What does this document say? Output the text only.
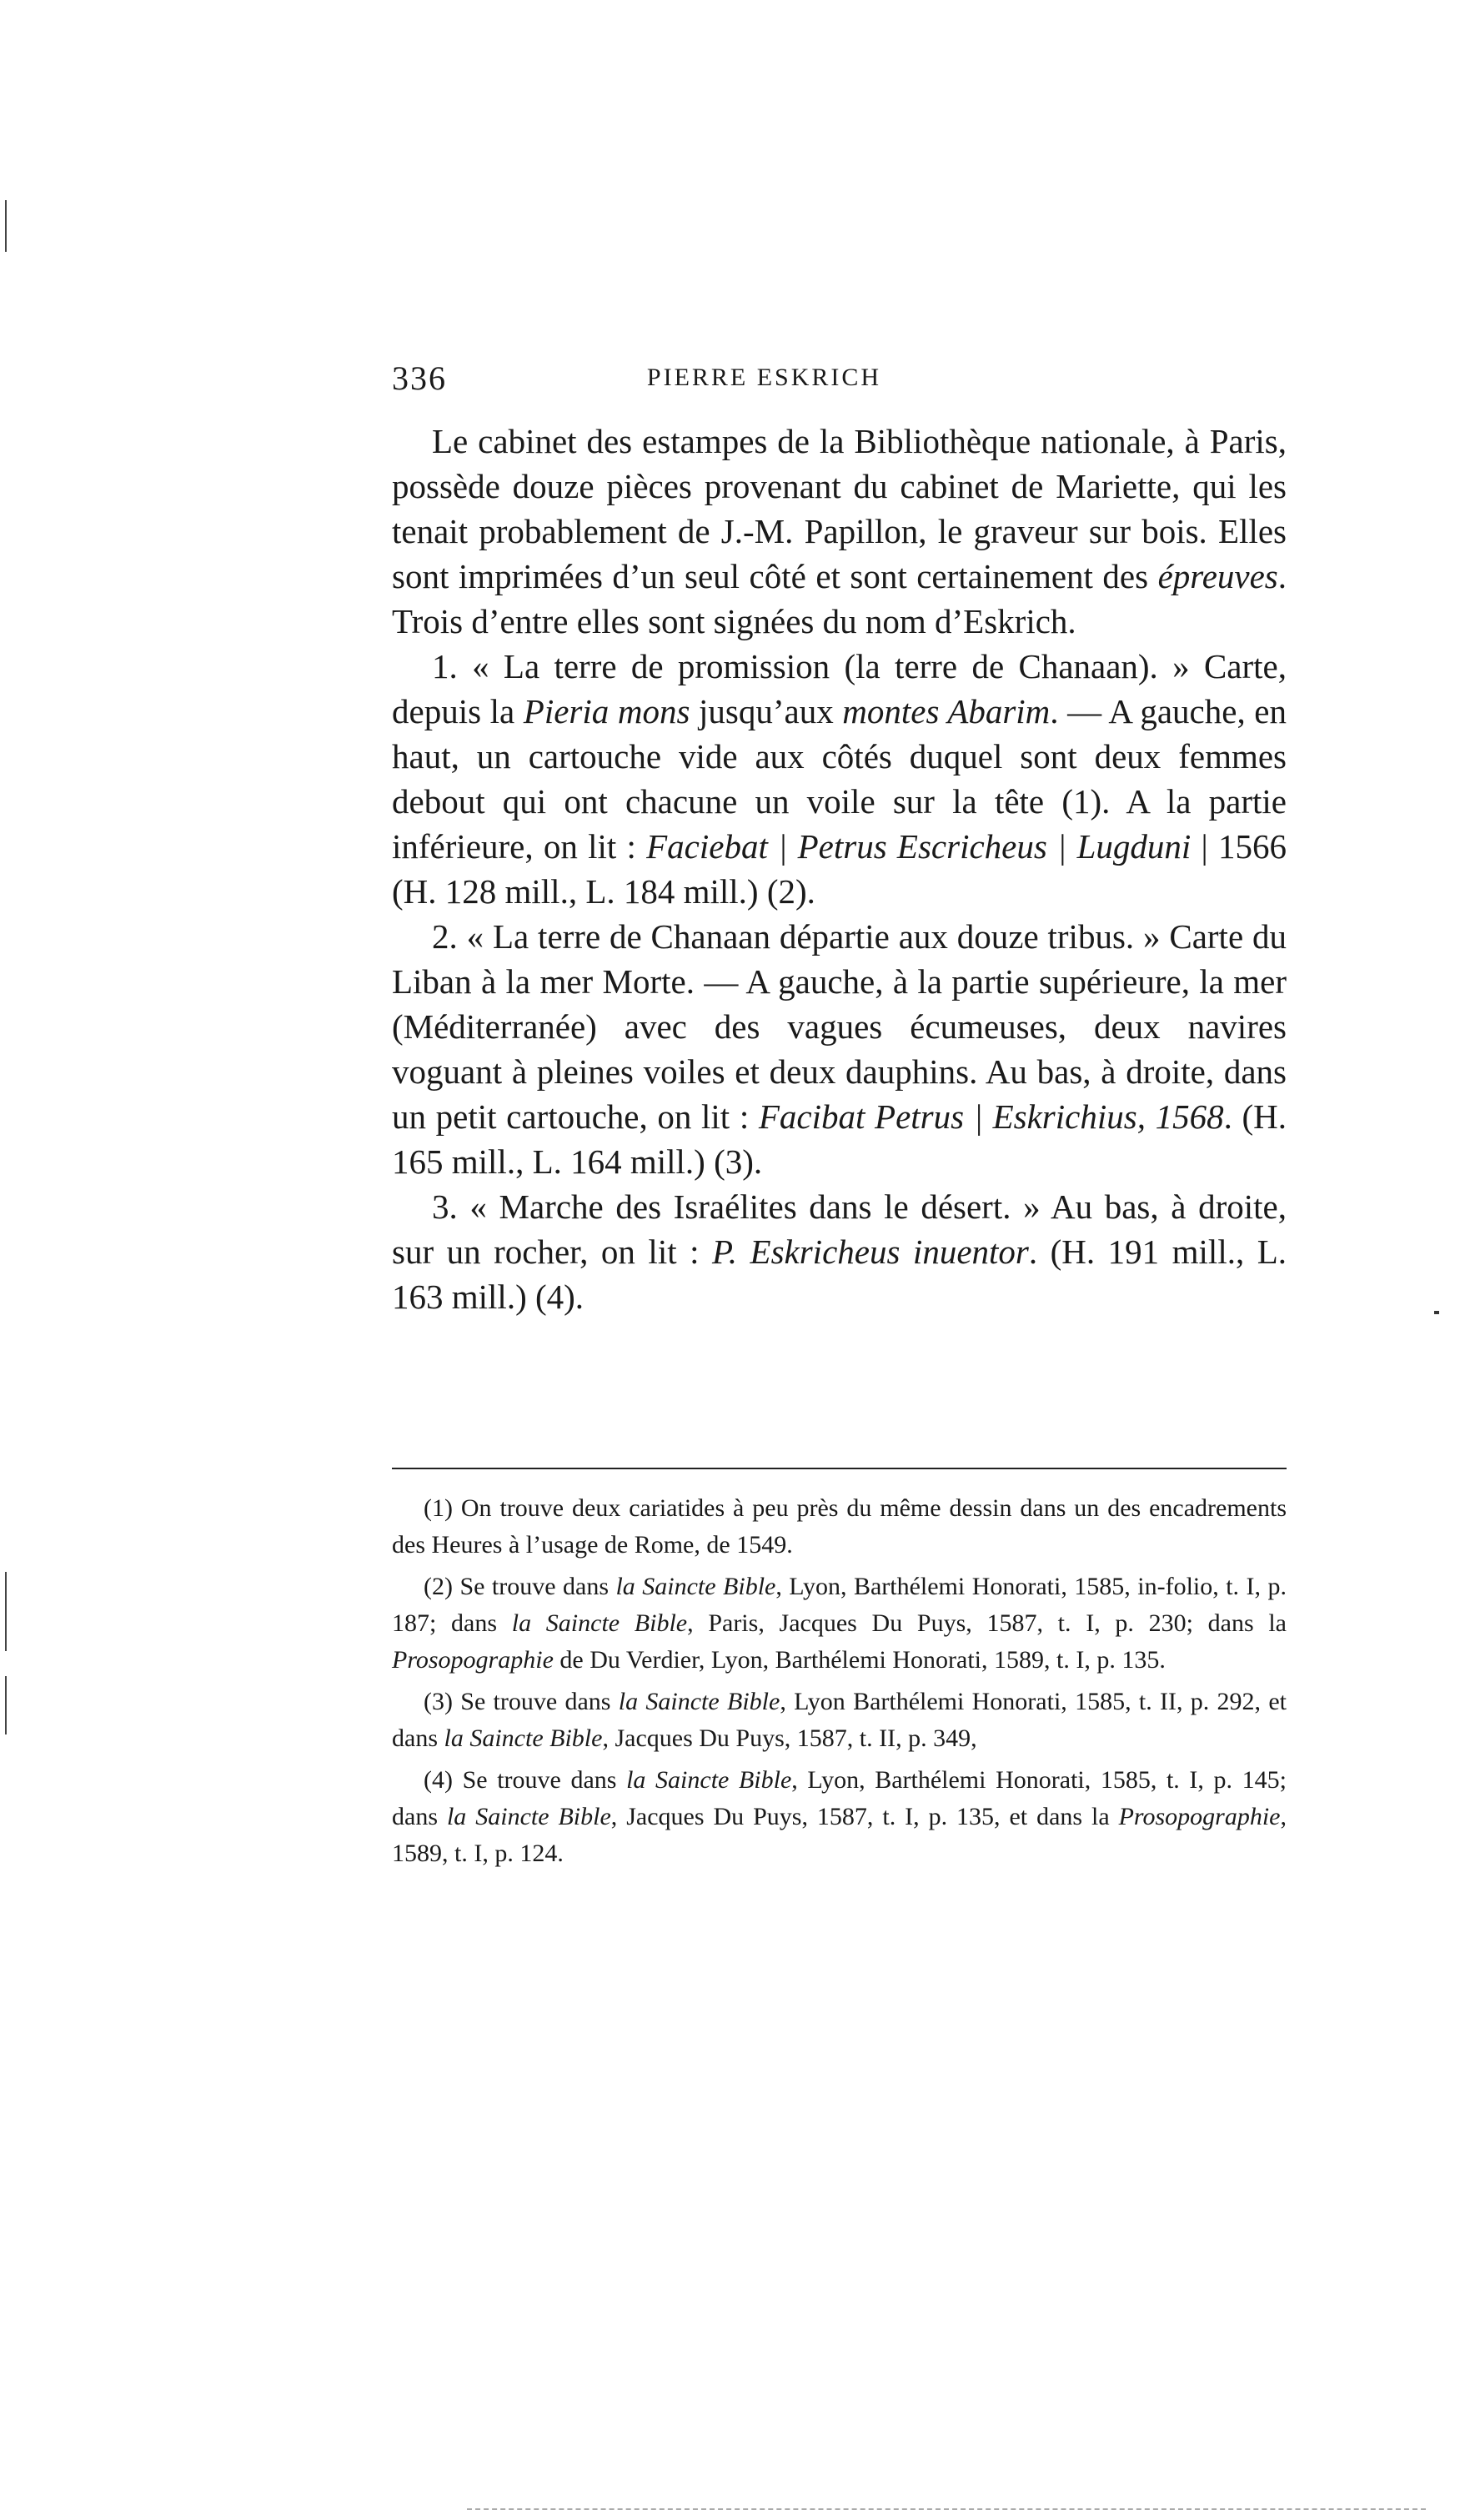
336	PIERRE ESKRICH

Le cabinet des estampes de la Bibliothèque nationale, à Paris, possède douze pièces provenant du cabinet de Mariette, qui les tenait probablement de J.-M. Papillon, le graveur sur bois. Elles sont imprimées d’un seul côté et sont certainement des épreuves. Trois d’entre elles sont signées du nom d’Eskrich.

1. « La terre de promission (la terre de Chanaan). » Carte, depuis la Pieria mons jusqu’aux montes Abarim. — A gauche, en haut, un cartouche vide aux côtés duquel sont deux femmes debout qui ont chacune un voile sur la tête (1). A la partie inférieure, on lit : Faciebat | Petrus Escricheus | Lugduni | 1566 (H. 128 mill., L. 184 mill.) (2).

2. « La terre de Chanaan départie aux douze tribus. » Carte du Liban à la mer Morte. — A gauche, à la partie supérieure, la mer (Méditerranée) avec des vagues écumeuses, deux navires voguant à pleines voiles et deux dauphins. Au bas, à droite, dans un petit cartouche, on lit : Facibat Petrus | Eskrichius, 1568. (H. 165 mill., L. 164 mill.) (3).

3. « Marche des Israélites dans le désert. » Au bas, à droite, sur un rocher, on lit : P. Eskricheus inuentor. (H. 191 mill., L. 163 mill.) (4).

(1) On trouve deux cariatides à peu près du même dessin dans un des encadrements des Heures à l’usage de Rome, de 1549.

(2) Se trouve dans la Saincte Bible, Lyon, Barthélemi Honorati, 1585, in-folio, t. I, p. 187; dans la Saincte Bible, Paris, Jacques Du Puys, 1587, t. I, p. 230; dans la Prosopographie de Du Verdier, Lyon, Barthélemi Honorati, 1589, t. I, p. 135.

(3) Se trouve dans la Saincte Bible, Lyon Barthélemi Honorati, 1585, t. II, p. 292, et dans la Saincte Bible, Jacques Du Puys, 1587, t. II, p. 349,

(4) Se trouve dans la Saincte Bible, Lyon, Barthélemi Honorati, 1585, t. I, p. 145; dans la Saincte Bible, Jacques Du Puys, 1587, t. I, p. 135, et dans la Prosopographie, 1589, t. I, p. 124.
